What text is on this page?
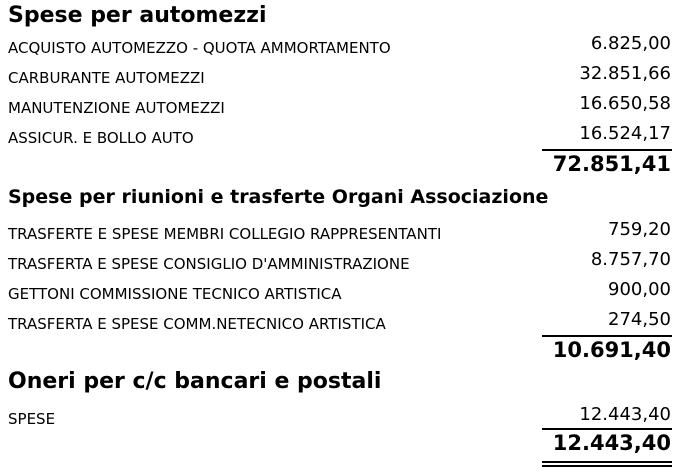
Spese per automezzi
ACQUISTO AUTOMEZZO - QUOTA AMMORTAMENTO	6.825,00
CARBURANTE AUTOMEZZI	32.851,66
MANUTENZIONE AUTOMEZZI	16.650,58
ASSICUR. E BOLLO AUTO	16.524,17
72.851,41
Spese per riunioni e trasferte Organi Associazione
TRASFERTE E SPESE MEMBRI COLLEGIO RAPPRESENTANTI	759,20
TRASFERTA E SPESE CONSIGLIO D'AMMINISTRAZIONE	8.757,70
GETTONI COMMISSIONE TECNICO ARTISTICA	900,00
TRASFERTA E SPESE COMM.NETECNICO ARTISTICA	274,50
10.691,40
Oneri per c/c bancari e postali
SPESE	12.443,40
12.443,40
